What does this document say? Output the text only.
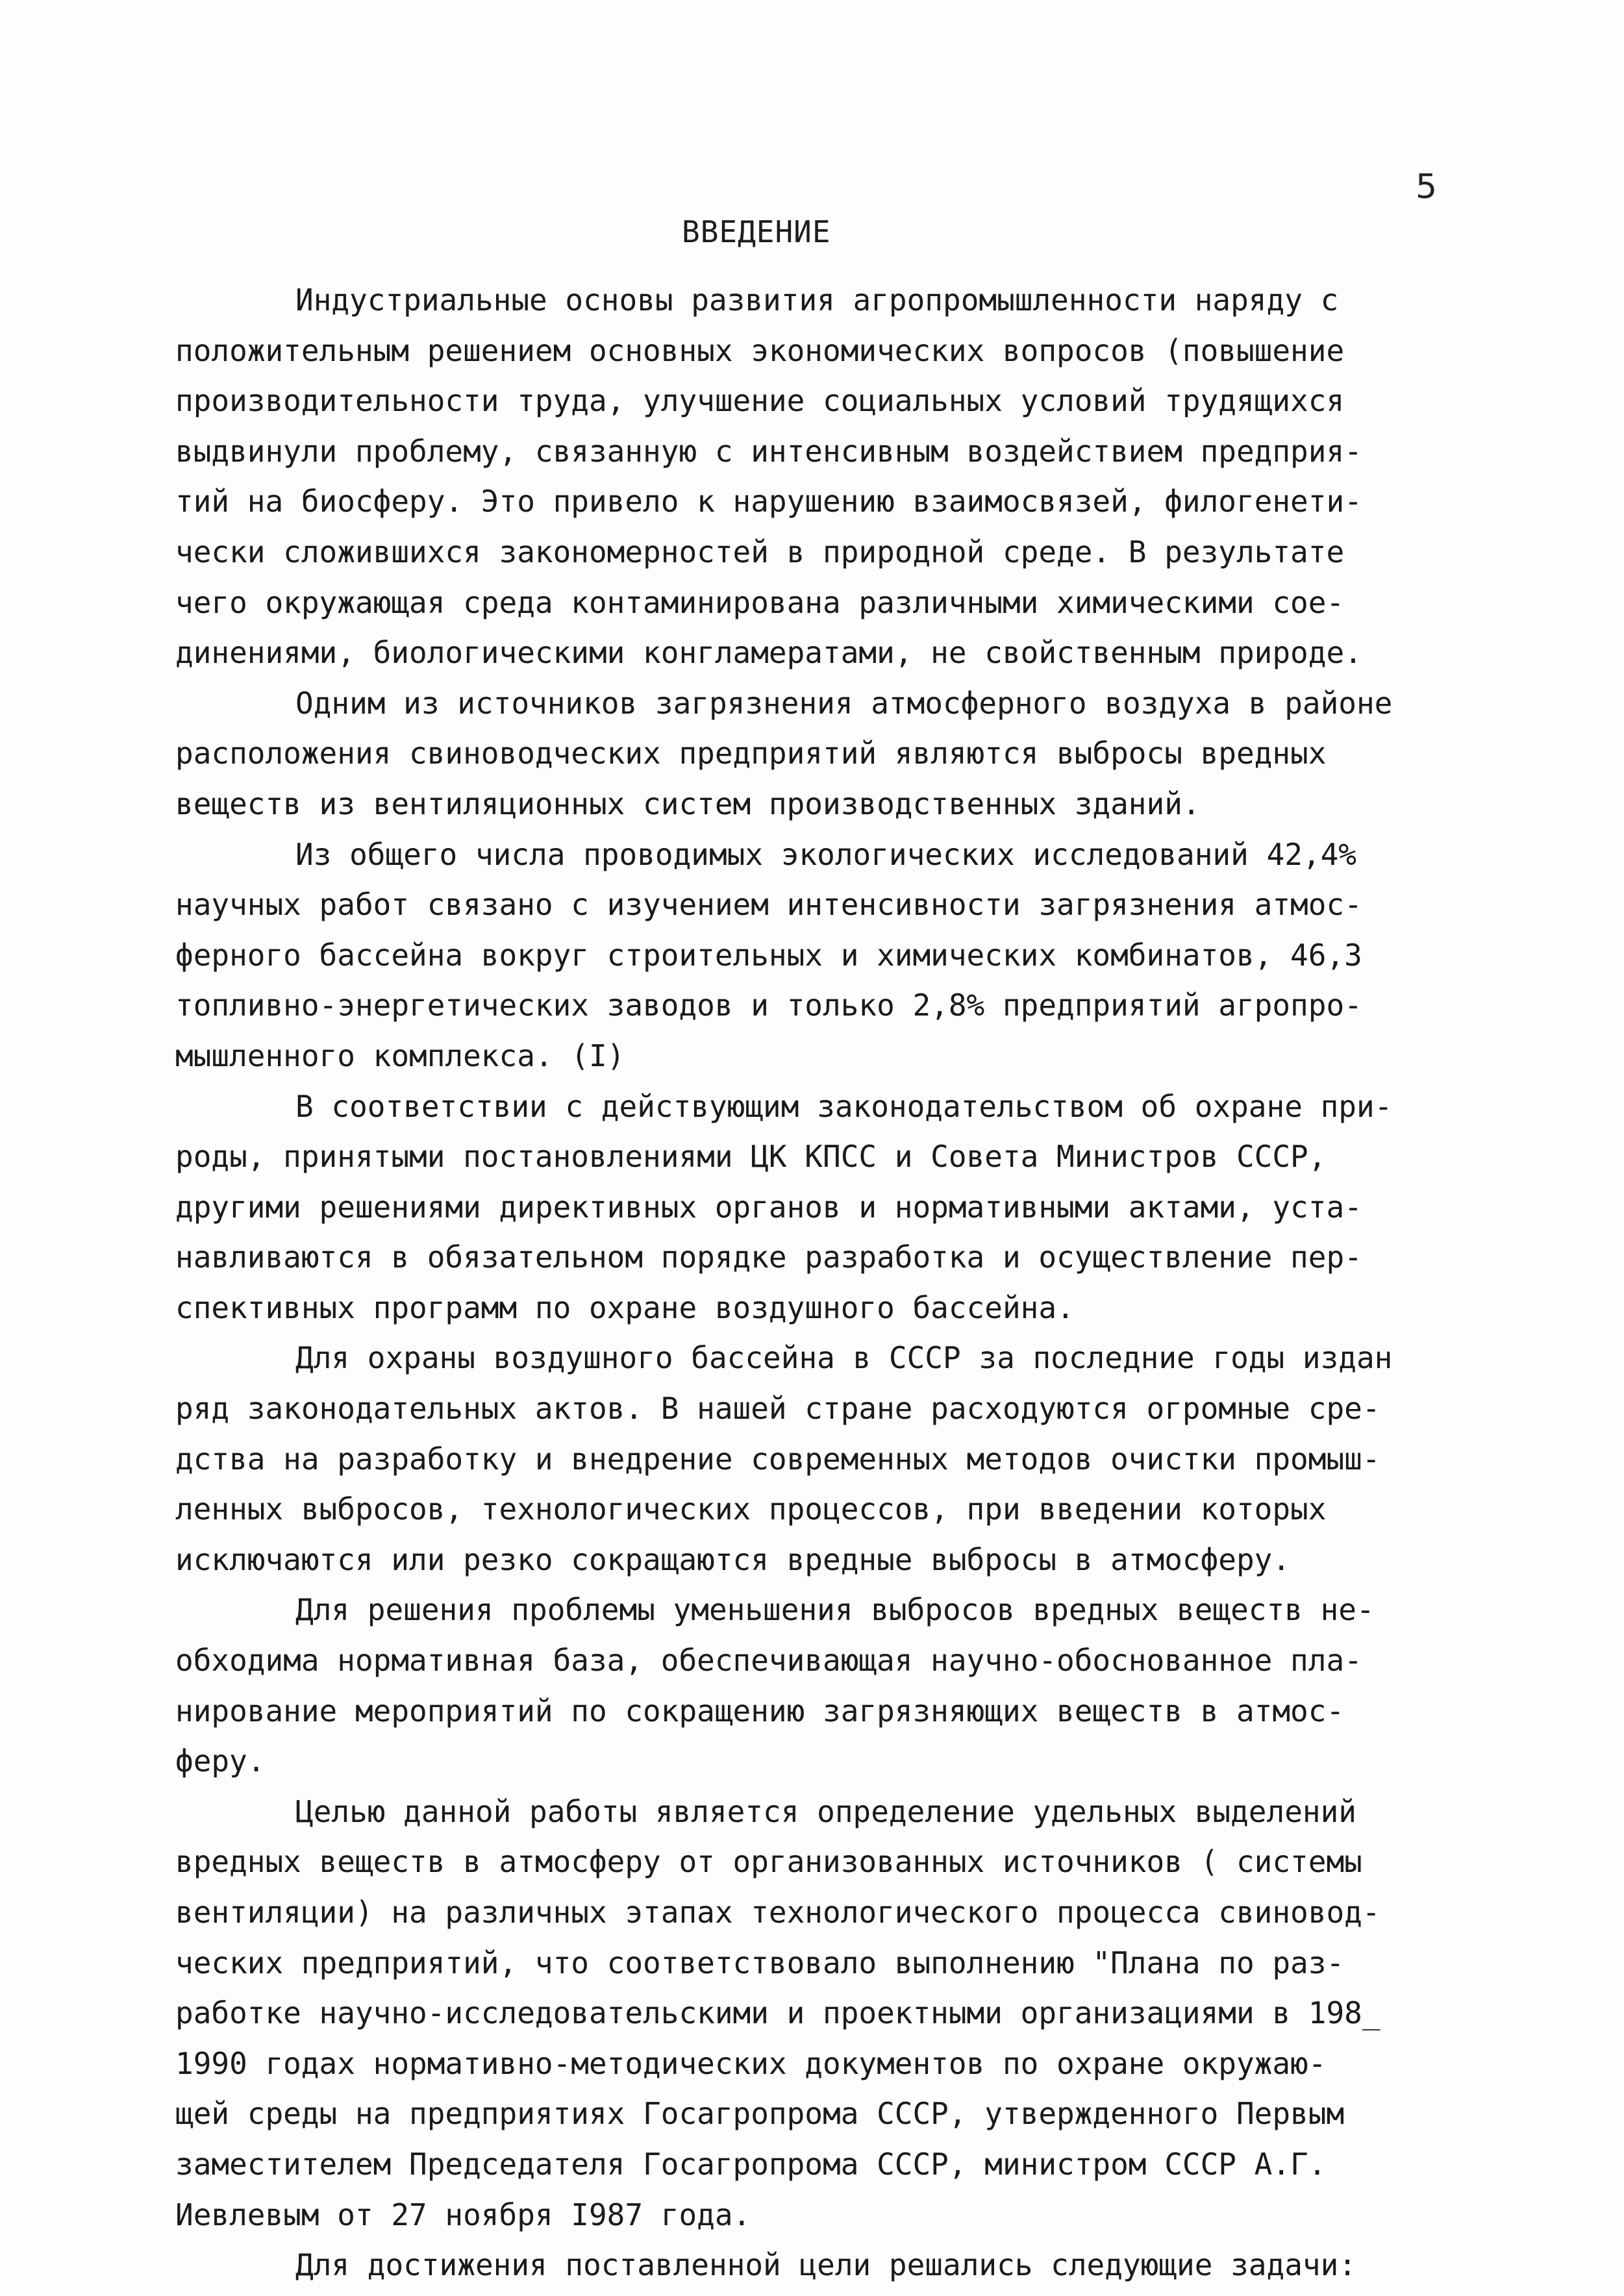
5
ВВЕДЕНИЕ
Индустриальные основы развития агропромышленности наряду с
положительным решением основных экономических вопросов (повышение
производительности труда, улучшение социальных условий трудящихся
выдвинули проблему, связанную с интенсивным воздействием предприя-
тий на биосферу. Это привело к нарушению взаимосвязей, филогенети-
чески сложившихся закономерностей в природной среде. В результате
чего окружающая среда контаминирована различными химическими сое-
динениями, биологическими конгламератами, не свойственным природе.
Одним из источников загрязнения атмосферного воздуха в районе
расположения свиноводческих предприятий являются выбросы вредных
веществ из вентиляционных систем производственных зданий.
Из общего числа проводимых экологических исследований 42,4%
научных работ связано с изучением интенсивности загрязнения атмос-
ферного бассейна вокруг строительных и химических комбинатов, 46,3
топливно-энергетических заводов и только 2,8% предприятий агропро-
мышленного комплекса. (I)
В соответствии с действующим законодательством об охране при-
роды, принятыми постановлениями ЦК КПСС и Совета Министров СССР,
другими решениями директивных органов и нормативными актами, уста-
навливаются в обязательном порядке разработка и осуществление пер-
спективных программ по охране воздушного бассейна.
Для охраны воздушного бассейна в СССР за последние годы издан
ряд законодательных актов. В нашей стране расходуются огромные сре-
дства на разработку и внедрение современных методов очистки промыш-
ленных выбросов, технологических процессов, при введении которых
исключаются или резко сокращаются вредные выбросы в атмосферу.
Для решения проблемы уменьшения выбросов вредных веществ не-
обходима нормативная база, обеспечивающая научно-обоснованное пла-
нирование мероприятий по сокращению загрязняющих веществ в атмос-
феру.
Целью данной работы является определение удельных выделений
вредных веществ в атмосферу от организованных источников ( системы
вентиляции) на различных этапах технологического процесса свиновод-
ческих предприятий, что соответствовало выполнению "Плана по раз-
работке научно-исследовательскими и проектными организациями в 198_
1990 годах нормативно-методических документов по охране окружаю-
щей среды на предприятиях Госагропрома СССР, утвержденного Первым
заместителем Председателя Госагропрома СССР, министром СССР А.Г.
Иевлевым от 27 ноября I987 года.
Для достижения поставленной цели решались следующие задачи:
